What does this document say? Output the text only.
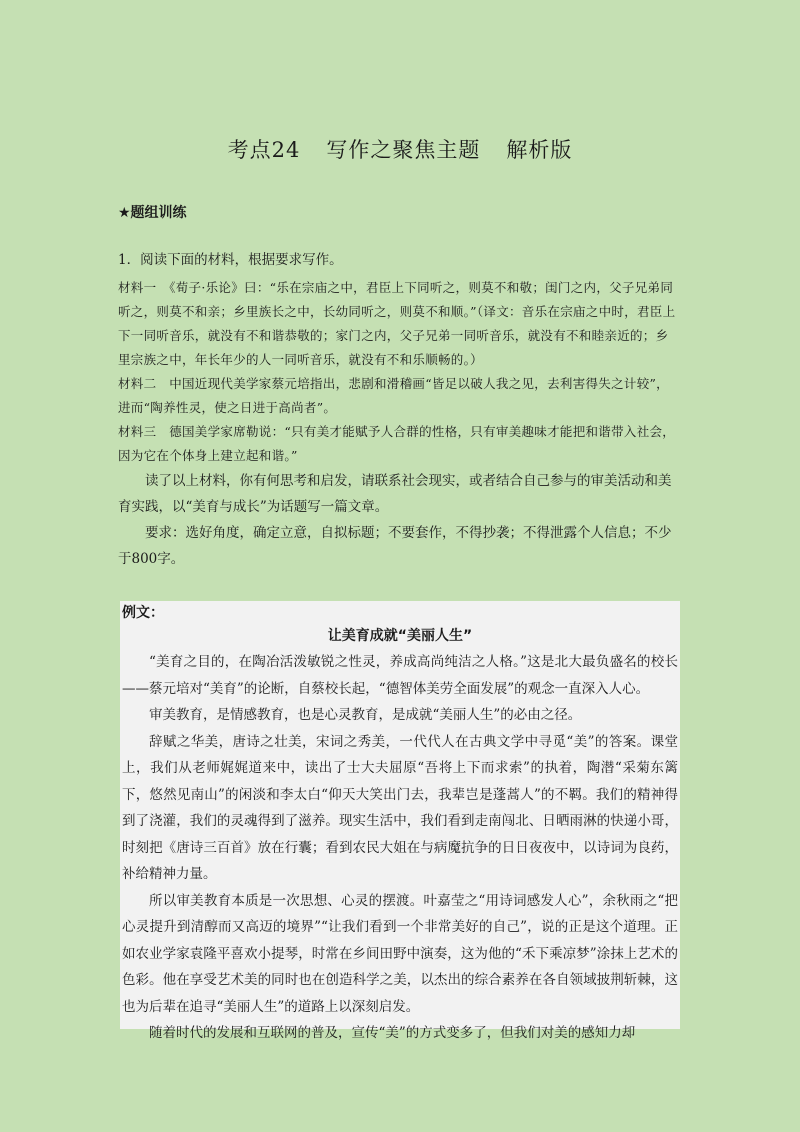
考点24 写作之聚焦主题 解析版
★题组训练

1．阅读下面的材料，根据要求写作。

材料一　《荀子·乐论》曰：“乐在宗庙之中，君臣上下同听之，则莫不和敬；闺门之内，父子兄弟同听之，则莫不和亲；乡里族长之中，长幼同听之，则莫不和顺。”（译文：音乐在宗庙之中时，君臣上下一同听音乐，就没有不和谐恭敬的；家门之内，父子兄弟一同听音乐，就没有不和睦亲近的；乡里宗族之中，年长年少的人一同听音乐，就没有不和乐顺畅的。）

材料二　中国近现代美学家蔡元培指出，悲剧和滑稽画“皆足以破人我之见，去利害得失之计较”，进而“陶养性灵，使之日进于高尚者”。

材料三　德国美学家席勒说：“只有美才能赋予人合群的性格，只有审美趣味才能把和谐带入社会，因为它在个体身上建立起和谐。”

读了以上材料，你有何思考和启发，请联系社会现实，或者结合自己参与的审美活动和美育实践，以“美育与成长”为话题写一篇文章。

要求：选好角度，确定立意，自拟标题；不要套作，不得抄袭；不得泄露个人信息；不少于800字。

例文：
让美育成就“美丽人生”

“美育之目的，在陶冶活泼敏锐之性灵，养成高尚纯洁之人格。”这是北大最负盛名的校长——蔡元培对“美育”的论断，自蔡校长起，“德智体美劳全面发展”的观念一直深入人心。

审美教育，是情感教育，也是心灵教育，是成就“美丽人生”的必由之径。

辞赋之华美，唐诗之壮美，宋词之秀美，一代代人在古典文学中寻觅“美”的答案。课堂上，我们从老师娓娓道来中，读出了士大夫屈原“吾将上下而求索”的执着，陶潜“采菊东篱下，悠然见南山”的闲淡和李太白“仰天大笑出门去，我辈岂是蓬蒿人”的不羁。我们的精神得到了浇灌，我们的灵魂得到了滋养。现实生活中，我们看到走南闯北、日晒雨淋的快递小哥，时刻把《唐诗三百首》放在行囊；看到农民大姐在与病魔抗争的日日夜夜中，以诗词为良药，补给精神力量。

所以审美教育本质是一次思想、心灵的摆渡。叶嘉莹之“用诗词感发人心”，余秋雨之“把心灵提升到清醇而又高迈的境界”“让我们看到一个非常美好的自己”，说的正是这个道理。正如农业学家袁隆平喜欢小提琴，时常在乡间田野中演奏，这为他的“禾下乘凉梦”涂抹上艺术的色彩。他在享受艺术美的同时也在创造科学之美，以杰出的综合素养在各自领域披荆斩棘，这也为后辈在追寻“美丽人生”的道路上以深刻启发。

随着时代的发展和互联网的普及，宣传“美”的方式变多了，但我们对美的感知力却
